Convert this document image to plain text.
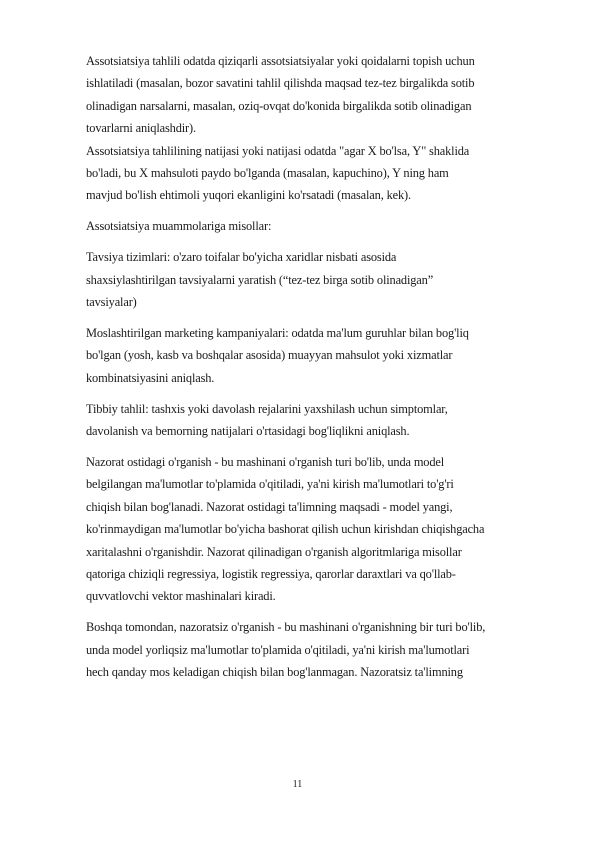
Assotsiatsiya tahlili odatda qiziqarli assotsiatsiyalar yoki qoidalarni topish uchun
ishlatiladi (masalan, bozor savatini tahlil qilishda maqsad tez-tez birgalikda sotib
olinadigan narsalarni, masalan, oziq-ovqat do'konida birgalikda sotib olinadigan
tovarlarni aniqlashdir).

Assotsiatsiya tahlilining natijasi yoki natijasi odatda "agar X bo'lsa, Y" shaklida
bo'ladi, bu X mahsuloti paydo bo'lganda (masalan, kapuchino), Y ning ham
mavjud bo'lish ehtimoli yuqori ekanligini ko'rsatadi (masalan, kek).

Assotsiatsiya muammolariga misollar:

Tavsiya tizimlari: o'zaro toifalar bo'yicha xaridlar nisbati asosida
shaxsiylashtirilgan tavsiyalarni yaratish (“tez-tez birga sotib olinadigan”
tavsiyalar)

Moslashtirilgan marketing kampaniyalari: odatda ma'lum guruhlar bilan bog'liq
bo'lgan (yosh, kasb va boshqalar asosida) muayyan mahsulot yoki xizmatlar
kombinatsiyasini aniqlash.

Tibbiy tahlil: tashxis yoki davolash rejalarini yaxshilash uchun simptomlar,
davolanish va bemorning natijalari o'rtasidagi bog'liqlikni aniqlash.

Nazorat ostidagi o'rganish - bu mashinani o'rganish turi bo'lib, unda model
belgilangan ma'lumotlar to'plamida o'qitiladi, ya'ni kirish ma'lumotlari to'g'ri
chiqish bilan bog'lanadi. Nazorat ostidagi ta'limning maqsadi - model yangi,
ko'rinmaydigan ma'lumotlar bo'yicha bashorat qilish uchun kirishdan chiqishgacha
xaritalashni o'rganishdir. Nazorat qilinadigan o'rganish algoritmlariga misollar
qatoriga chiziqli regressiya, logistik regressiya, qarorlar daraxtlari va qo'llab-
quvvatlovchi vektor mashinalari kiradi.

Boshqa tomondan, nazoratsiz o'rganish - bu mashinani o'rganishning bir turi bo'lib,
unda model yorliqsiz ma'lumotlar to'plamida o'qitiladi, ya'ni kirish ma'lumotlari
hech qanday mos keladigan chiqish bilan bog'lanmagan. Nazoratsiz ta'limning

11
